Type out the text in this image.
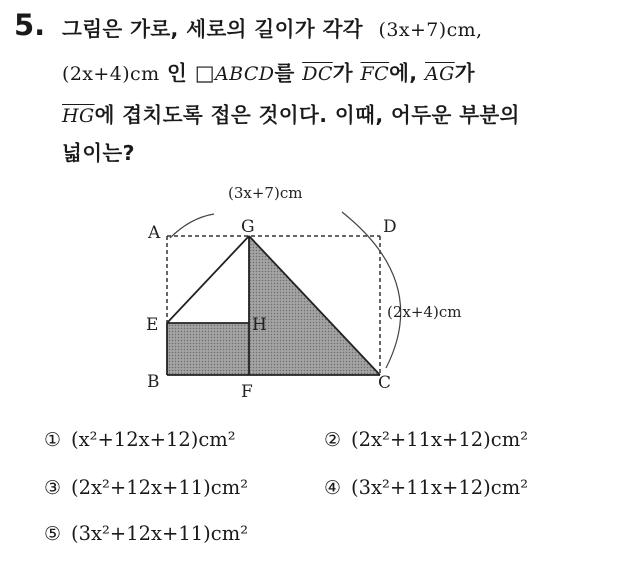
5. 그림은 가로, 세로의 길이가 각각 (3x+7)cm,
(2x+4)cm 인 □ABCD를 $\overline{DC}$가 $\overline{FC}$에, $\overline{AG}$가
$\overline{HG}$에 겹치도록 접은 것이다. 이때, 어두운 부분의
넓이는?
(3x+7)cm
(2x+4)cm
A	G	D
E	H
B	F	C
① (x²+12x+12)cm²	② (2x²+11x+12)cm²
③ (2x²+12x+11)cm²	④ (3x²+11x+12)cm²
⑤ (3x²+12x+11)cm²
